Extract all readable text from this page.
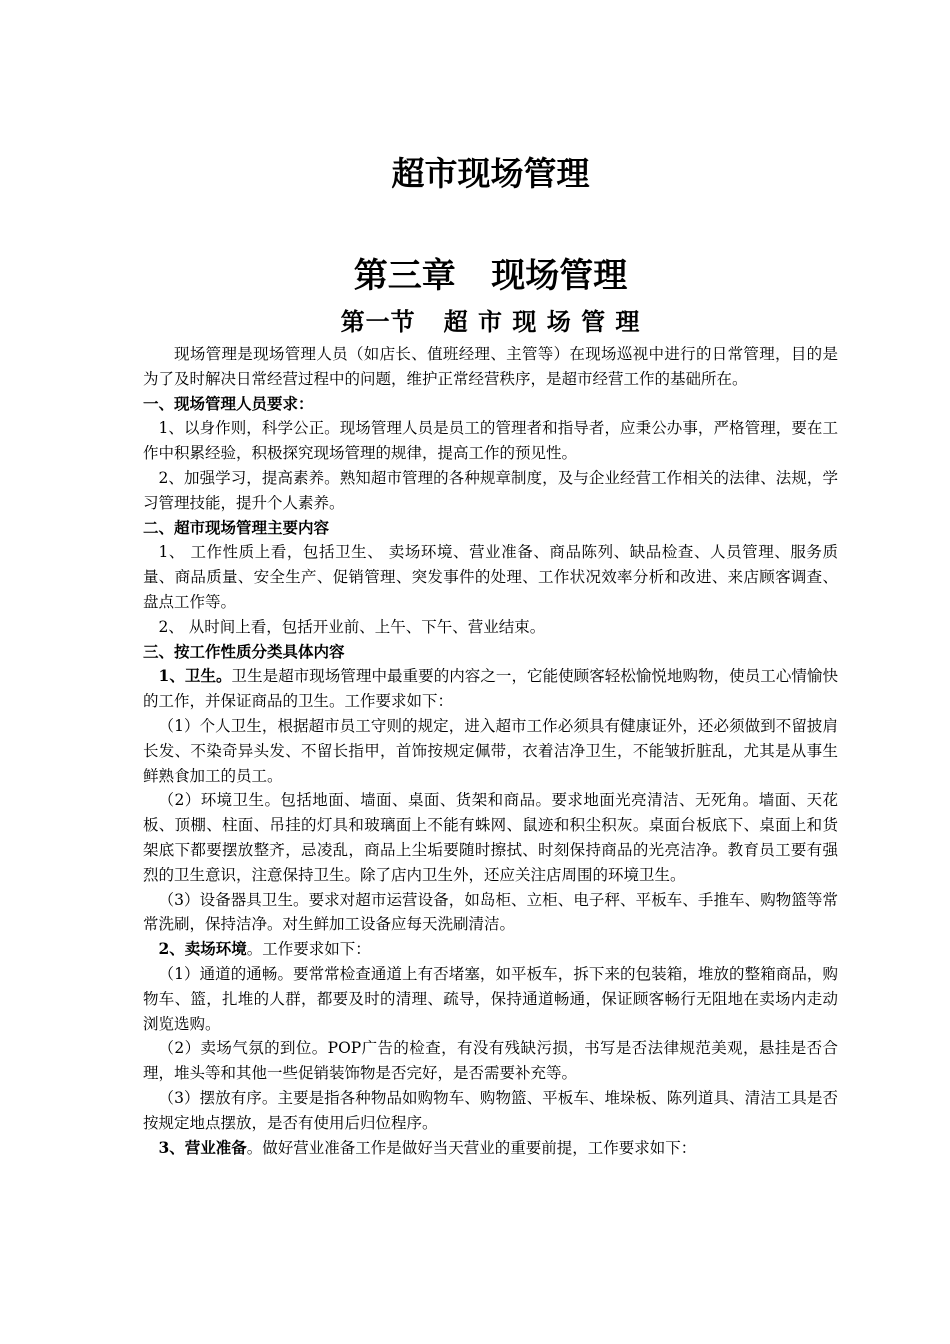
超市现场管理
第三章   现场管理
第一节   超 市 现 场 管 理

现场管理是现场管理人员（如店长、值班经理、主管等）在现场巡视中进行的日常管理，目的是为了及时解决日常经营过程中的问题，维护正常经营秩序，是超市经营工作的基础所在。

一、现场管理人员要求：

1、以身作则，科学公正。现场管理人员是员工的管理者和指导者，应秉公办事，严格管理，要在工作中积累经验，积极探究现场管理的规律，提高工作的预见性。

2、加强学习，提高素养。熟知超市管理的各种规章制度，及与企业经营工作相关的法律、法规，学习管理技能，提升个人素养。

二、超市现场管理主要内容

1、 工作性质上看，包括卫生、 卖场环境、营业准备、商品陈列、缺品检查、人员管理、服务质量、商品质量、安全生产、促销管理、突发事件的处理、工作状况效率分析和改进、来店顾客调查、盘点工作等。

2、 从时间上看，包括开业前、上午、下午、营业结束。

三、按工作性质分类具体内容

1、卫生。卫生是超市现场管理中最重要的内容之一，它能使顾客轻松愉悦地购物，使员工心情愉快的工作，并保证商品的卫生。工作要求如下：

（1）个人卫生，根据超市员工守则的规定，进入超市工作必须具有健康证外，还必须做到不留披肩长发、不染奇异头发、不留长指甲，首饰按规定佩带，衣着洁净卫生，不能皱折脏乱，尤其是从事生鲜熟食加工的员工。

（2）环境卫生。包括地面、墙面、桌面、货架和商品。要求地面光亮清洁、无死角。墙面、天花板、顶棚、柱面、吊挂的灯具和玻璃面上不能有蛛网、鼠迹和积尘积灰。桌面台板底下、桌面上和货架底下都要摆放整齐，忌凌乱，商品上尘垢要随时擦拭、时刻保持商品的光亮洁净。教育员工要有强烈的卫生意识，注意保持卫生。除了店内卫生外，还应关注店周围的环境卫生。

（3）设备器具卫生。要求对超市运营设备，如岛柜、立柜、电子秤、平板车、手推车、购物篮等常常洗刷，保持洁净。对生鲜加工设备应每天洗刷清洁。

2、卖场环境。工作要求如下：

（1）通道的通畅。要常常检查通道上有否堵塞，如平板车，拆下来的包装箱，堆放的整箱商品，购物车、篮，扎堆的人群，都要及时的清理、疏导，保持通道畅通，保证顾客畅行无阻地在卖场内走动浏览选购。

（2）卖场气氛的到位。POP广告的检查，有没有残缺污损，书写是否法律规范美观，悬挂是否合理，堆头等和其他一些促销装饰物是否完好，是否需要补充等。

（3）摆放有序。主要是指各种物品如购物车、购物篮、平板车、堆垛板、陈列道具、清洁工具是否按规定地点摆放，是否有使用后归位程序。

3、营业准备。做好营业准备工作是做好当天营业的重要前提，工作要求如下：
